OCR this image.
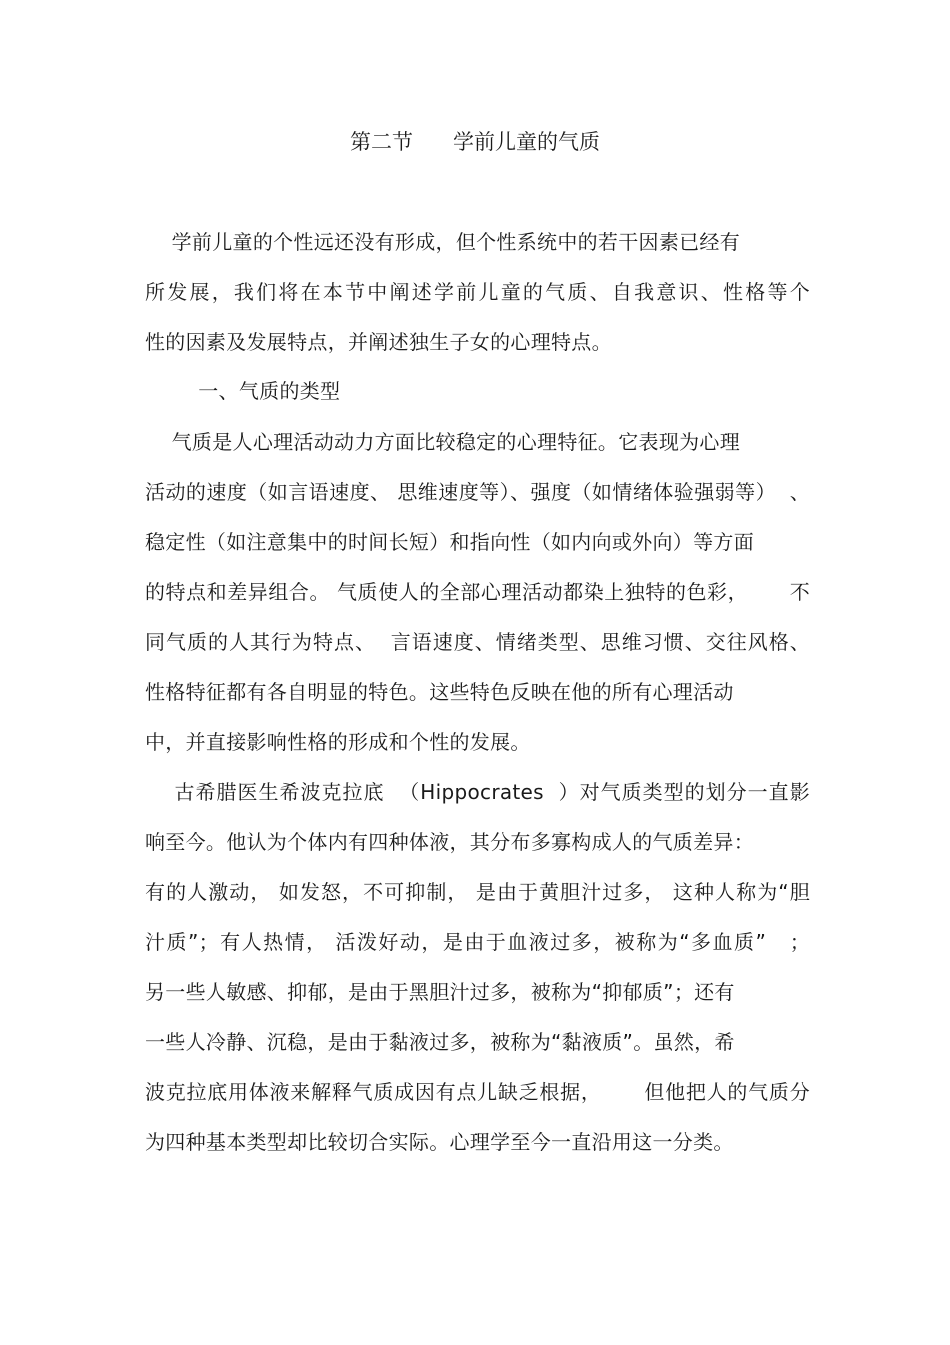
第二节      学前儿童的气质
学前儿童的个性远还没有形成，但个性系统中的若干因素已经有
所发展，我们将在本节中阐述学前儿童的气质、自我意识、性格等个
性的因素及发展特点，并阐述独生子女的心理特点。
一、气质的类型
气质是人心理活动动力方面比较稳定的心理特征。它表现为心理
活动的速度（如言语速度、 思维速度等）、强度（如情绪体验强弱等）  、
稳定性（如注意集中的时间长短）和指向性（如内向或外向）等方面
的特点和差异组合。 气质使人的全部心理活动都染上独特的色彩，      不
同气质的人其行为特点、  言语速度、情绪类型、思维习惯、交往风格、
性格特征都有各自明显的特色。这些特色反映在他的所有心理活动
中，并直接影响性格的形成和个性的发展。
古希腊医生希波克拉底  （Hippocrates  ）对气质类型的划分一直影
响至今。他认为个体内有四种体液，其分布多寡构成人的气质差异：
有的人激动， 如发怒，不可抑制， 是由于黄胆汁过多， 这种人称为“胆
汁质”；有人热情， 活泼好动，是由于血液过多，被称为“多血质”   ；
另一些人敏感、抑郁，是由于黑胆汁过多，被称为“抑郁质”；还有
一些人冷静、沉稳，是由于黏液过多，被称为“黏液质”。虽然，希
波克拉底用体液来解释气质成因有点儿缺乏根据，      但他把人的气质分
为四种基本类型却比较切合实际。心理学至今一直沿用这一分类。
